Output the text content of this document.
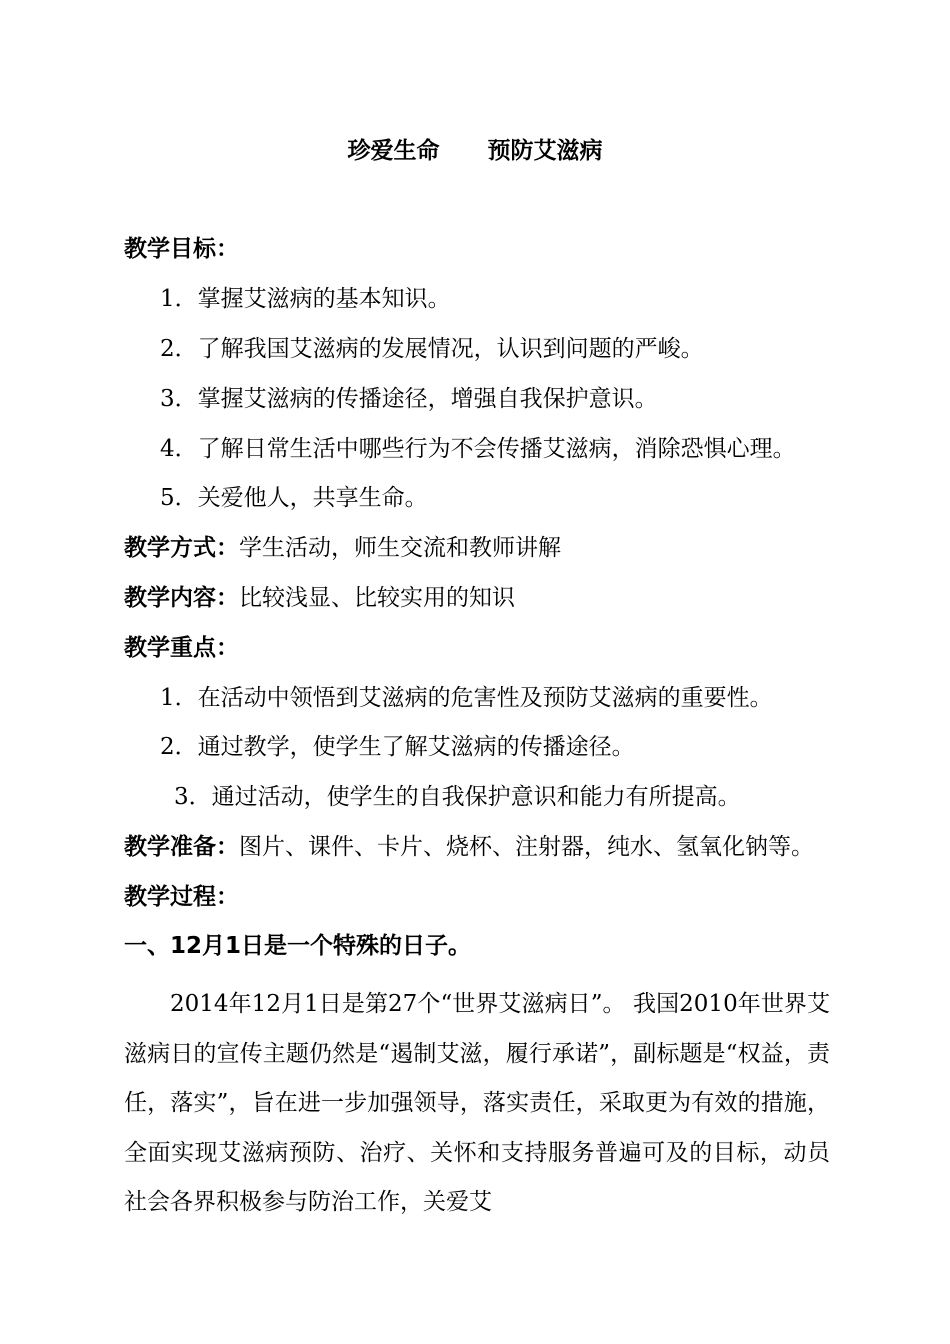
珍爱生命      预防艾滋病
教学目标：
1．掌握艾滋病的基本知识。
2．了解我国艾滋病的发展情况，认识到问题的严峻。
3．掌握艾滋病的传播途径，增强自我保护意识。
4．了解日常生活中哪些行为不会传播艾滋病，消除恐惧心理。
5．关爱他人，共享生命。
教学方式：学生活动，师生交流和教师讲解
教学内容：比较浅显、比较实用的知识
教学重点：
1．在活动中领悟到艾滋病的危害性及预防艾滋病的重要性。
2．通过教学，使学生了解艾滋病的传播途径。
3．通过活动，使学生的自我保护意识和能力有所提高。
教学准备：图片、课件、卡片、烧杯、注射器，纯水、氢氧化钠等。
教学过程：
一、12月1日是一个特殊的日子。
2014年12月1日是第27个“世界艾滋病日”。 我国2010年世界艾滋病日的宣传主题仍然是“遏制艾滋，履行承诺”，副标题是“权益，责任，落实”，旨在进一步加强领导，落实责任，采取更为有效的措施，全面实现艾滋病预防、治疗、关怀和支持服务普遍可及的目标，动员社会各界积极参与防治工作，关爱艾
